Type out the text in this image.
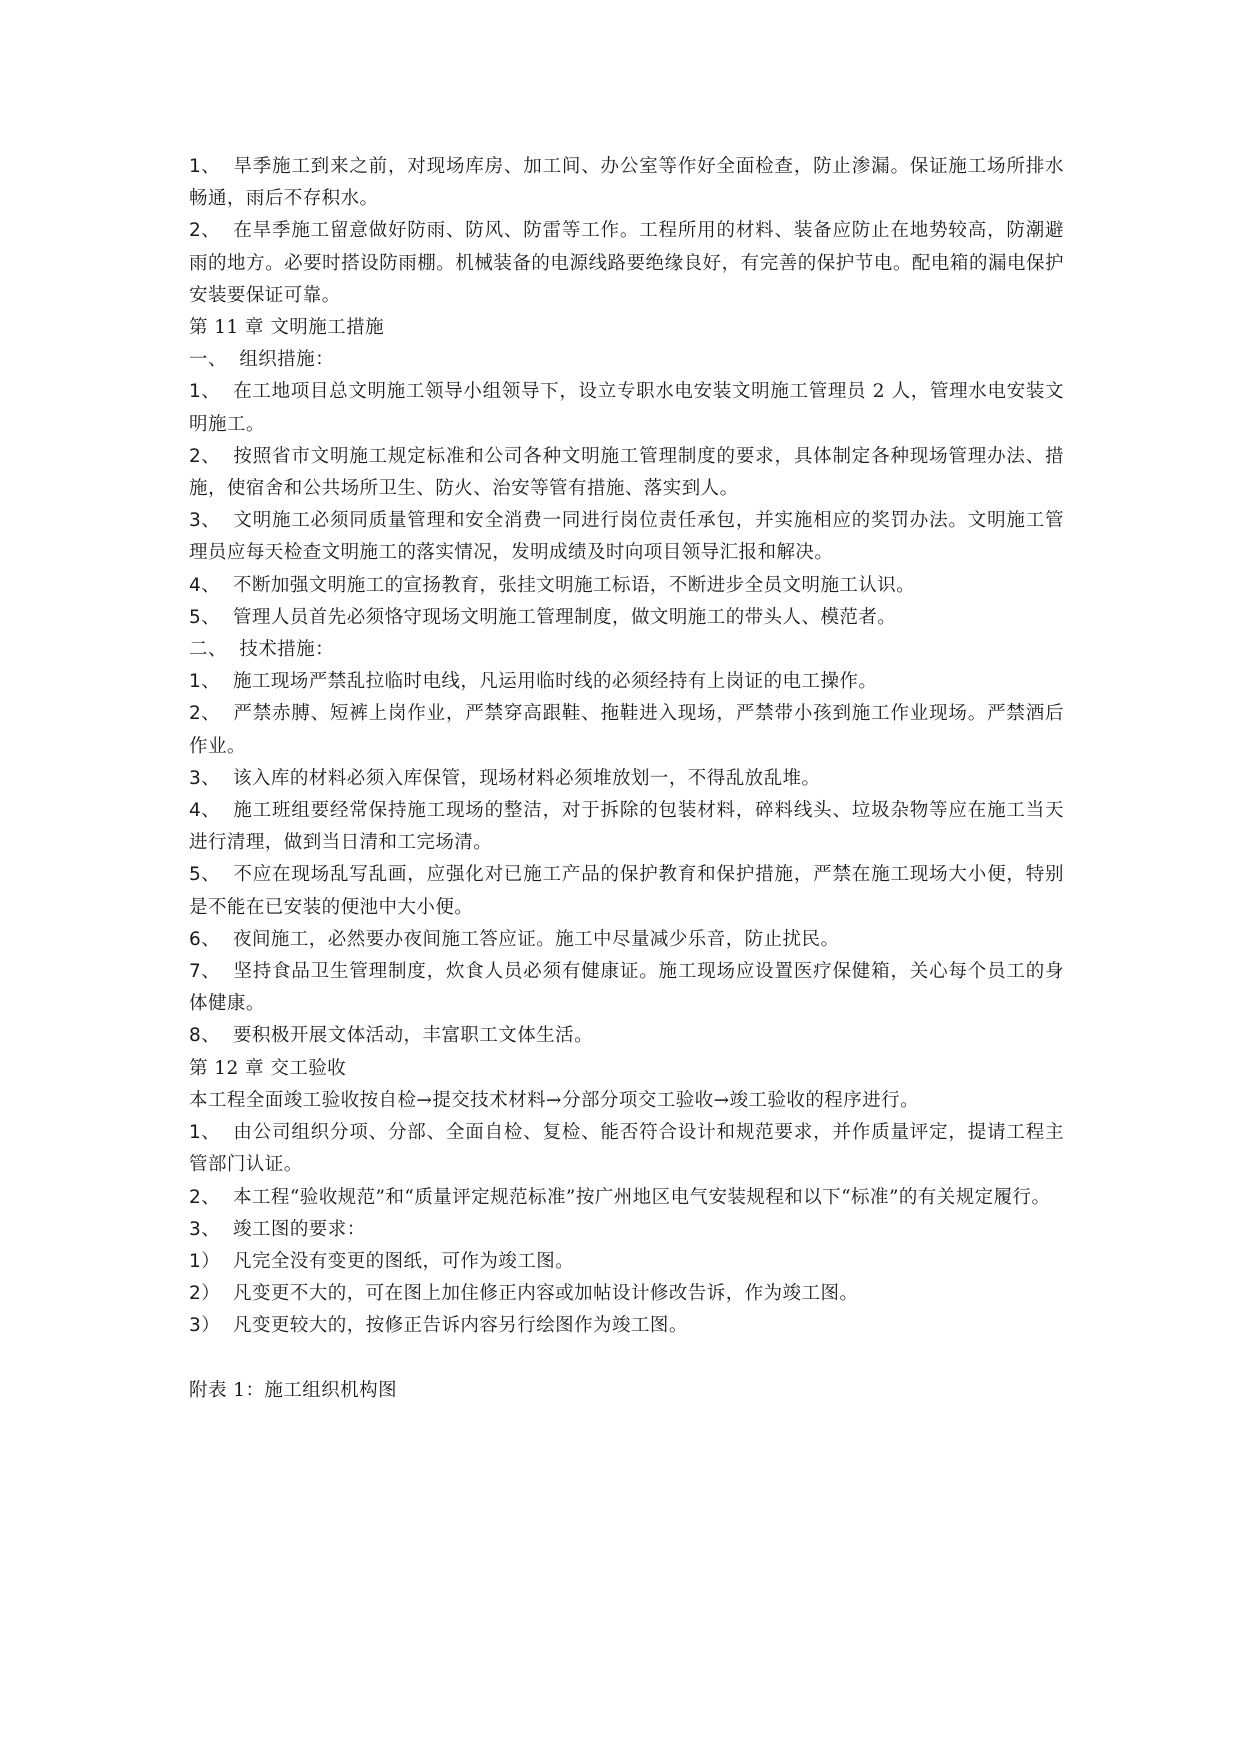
1、 旱季施工到来之前，对现场库房、加工间、办公室等作好全面检查，防止渗漏。保证施工场所排水畅通，雨后不存积水。

2、 在旱季施工留意做好防雨、防风、防雷等工作。工程所用的材料、装备应防止在地势较高，防潮避雨的地方。必要时搭设防雨棚。机械装备的电源线路要绝缘良好，有完善的保护节电。配电箱的漏电保护安装要保证可靠。

第 11 章 文明施工措施

一、 组织措施：

1、 在工地项目总文明施工领导小组领导下，设立专职水电安装文明施工管理员 2 人，管理水电安装文明施工。

2、 按照省市文明施工规定标准和公司各种文明施工管理制度的要求，具体制定各种现场管理办法、措施，使宿舍和公共场所卫生、防火、治安等管有措施、落实到人。

3、 文明施工必须同质量管理和安全消费一同进行岗位责任承包，并实施相应的奖罚办法。文明施工管理员应每天检查文明施工的落实情况，发明成绩及时向项目领导汇报和解决。

4、 不断加强文明施工的宣扬教育，张挂文明施工标语，不断进步全员文明施工认识。

5、 管理人员首先必须恪守现场文明施工管理制度，做文明施工的带头人、模范者。

二、 技术措施：

1、 施工现场严禁乱拉临时电线，凡运用临时线的必须经持有上岗证的电工操作。

2、 严禁赤膊、短裤上岗作业，严禁穿高跟鞋、拖鞋进入现场，严禁带小孩到施工作业现场。严禁酒后作业。

3、 该入库的材料必须入库保管，现场材料必须堆放划一，不得乱放乱堆。

4、 施工班组要经常保持施工现场的整洁，对于拆除的包装材料，碎料线头、垃圾杂物等应在施工当天进行清理，做到当日清和工完场清。

5、 不应在现场乱写乱画，应强化对已施工产品的保护教育和保护措施，严禁在施工现场大小便，特别是不能在已安装的便池中大小便。

6、 夜间施工，必然要办夜间施工答应证。施工中尽量减少乐音，防止扰民。

7、 坚持食品卫生管理制度，炊食人员必须有健康证。施工现场应设置医疗保健箱，关心每个员工的身体健康。

8、 要积极开展文体活动，丰富职工文体生活。

第 12 章 交工验收

本工程全面竣工验收按自检→提交技术材料→分部分项交工验收→竣工验收的程序进行。

1、 由公司组织分项、分部、全面自检、复检、能否符合设计和规范要求，并作质量评定，提请工程主管部门认证。

2、 本工程“验收规范”和“质量评定规范标准”按广州地区电气安装规程和以下“标准”的有关规定履行。

3、 竣工图的要求：

1） 凡完全没有变更的图纸，可作为竣工图。

2） 凡变更不大的，可在图上加住修正内容或加帖设计修改告诉，作为竣工图。

3） 凡变更较大的，按修正告诉内容另行绘图作为竣工图。

附表 1：施工组织机构图
